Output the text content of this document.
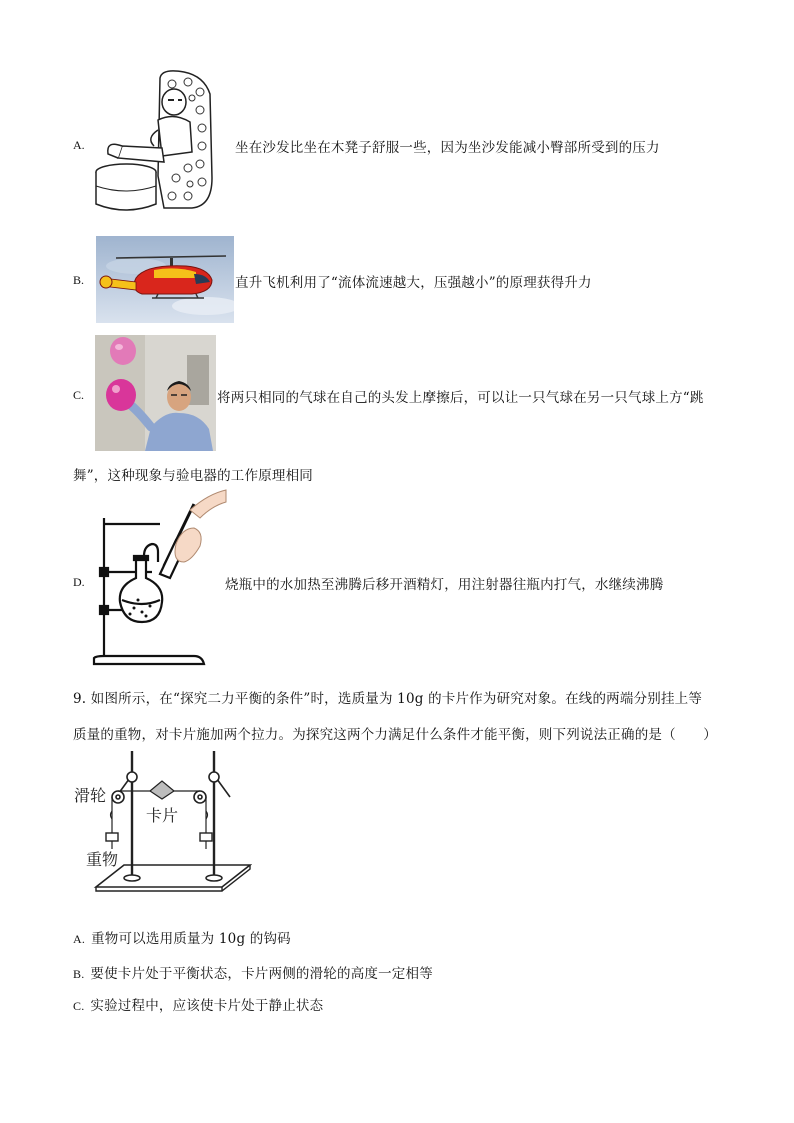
A.	坐在沙发比坐在木凳子舒服一些，因为坐沙发能减小臀部所受到的压力
B.	直升飞机利用了“流体流速越大，压强越小”的原理获得升力
C.	将两只相同的气球在自己的头发上摩擦后，可以让一只气球在另一只气球上方“跳
舞”，这种现象与验电器的工作原理相同
D.	烧瓶中的水加热至沸腾后移开酒精灯，用注射器往瓶内打气，水继续沸腾
9. 如图所示，在“探究二力平衡的条件”时，选质量为 10g 的卡片作为研究对象。在线的两端分别挂上等
质量的重物，对卡片施加两个拉力。为探究这两个力满足什么条件才能平衡，则下列说法正确的是（　　）
滑轮
卡片
重物
A. 重物可以选用质量为 10g 的钩码
B. 要使卡片处于平衡状态，卡片两侧的滑轮的高度一定相等
C. 实验过程中，应该使卡片处于静止状态
